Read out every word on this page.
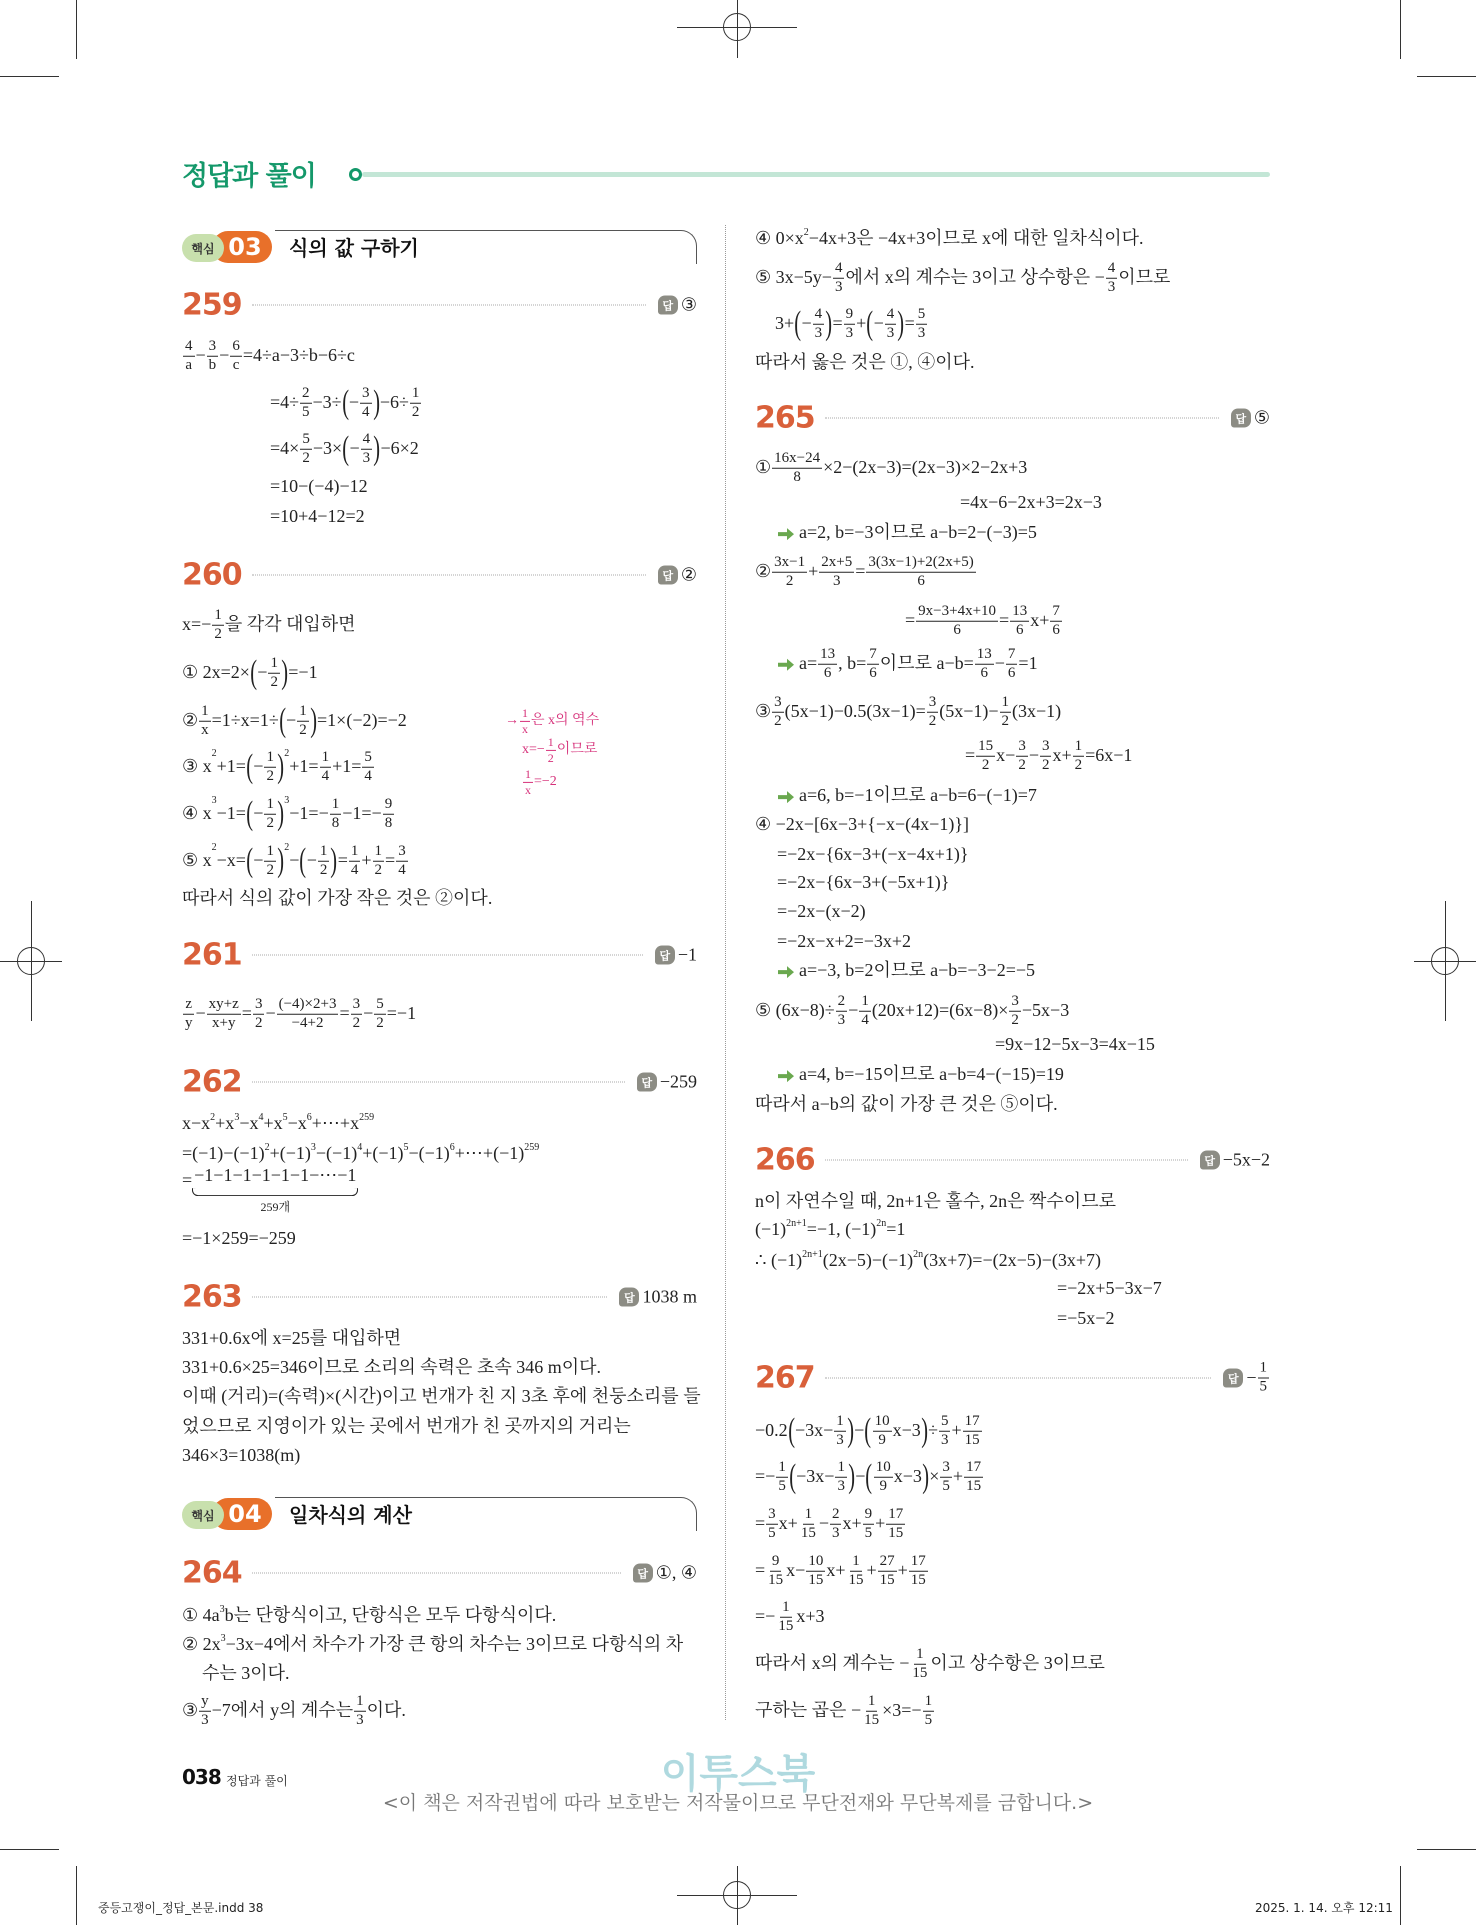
정답과 풀이
03
핵심	식의 값 구하기
04
핵심	일차식의 계산
259	답 ③
$\frac{4}{a} - \frac{3}{b} - \frac{6}{c} =4\div a-3\div b-6\div c$
$=4\div \frac{2}{5} -3\div$ ( − $\frac{3}{4}$ ) $-6\div \frac{1}{2}$
$=4\times \frac{5}{2} -3\times$ ( − $\frac{4}{3}$ ) −6×2
=10−(−4)−12
=10+4−12=2
260	답 ②
$x=- \frac{1}{2}$ 을 각각 대입하면
① 2x=2× ( − $\frac{1}{2}$ ) =−1
② $\frac{1}{x} =1\div x=1\div$ ( − $\frac{1}{2}$ ) =1×(−2)=−2
③ x
2
+1= ( − $\frac{1}{2}$ ) 2
$+1= \frac{1}{4} +1= \frac{5}{4}$
④ x
3
−1= ( − $\frac{1}{2}$ ) 3
$-1=- \frac{1}{8} -1=- \frac{9}{8}$
⑤ x
2
−x= ( − $\frac{1}{2}$ ) 2
− ( − $\frac{1}{2}$ ) = $\frac{1}{4} + \frac{1}{2} = \frac{3}{4}$
따라서 식의 값이 가장 작은 것은 ②이다.
→ $\frac{1}{x}$ 은 x의 역수
$x=- \frac{1}{2}$ 이므로
$\frac{1}{x} =-2$
261	답 −1
$\frac{z}{y} - \frac{xy+z}{x+y} = \frac{3}{2} - \frac{(-4)\times 2+3}{-4+2} = \frac{3}{2} - \frac{5}{2} =-1$
262	답 −259
x−x 2 +x 3 −x 4 +x 5 −x 6 +⋯+x 259
=(−1)−(−1) 2 +(−1) 3 −(−1) 4 +(−1) 5 −(−1) 6 +⋯+(−1) 259
= −1−1−1−1−1−1−⋯−1
259개
=−1×259=−259
263	답 1038 m
331+0.6x에 x=25를 대입하면
331+0.6×25=346이므로 소리의 속력은 초속 346 m이다.
이때 (거리)=(속력)×(시간)이고 번개가 친 지 3초 후에 천둥소리를 들
었으므로 지영이가 있는 곳에서 번개가 친 곳까지의 거리는
346×3=1038(m)
264	답 ①, ④
① 4a 3 b는 단항식이고, 단항식은 모두 다항식이다.
② 2x 3 −3x−4에서 차수가 가장 큰 항의 차수는 3이므로 다항식의 차
수는 3이다.
③ $\frac{y}{3} -7$에서 y의 계수는 $\frac{1}{3}$ 이다.
④ 0×x 2 −4x+3은 −4x+3이므로 x에 대한 일차식이다.
⑤ $3x-5y- \frac{4}{3}$ 에서 x의 계수는 3이고 상수항은 − $\frac{4}{3}$ 이므로
3+ ( − $\frac{4}{3}$ ) = $\frac{9}{3}$ + ( − $\frac{4}{3}$ ) = $\frac{5}{3}$
따라서 옳은 것은 ①, ④이다.
265	답 ⑤
① $\frac{16x-24}{8} \times 2-(2x-3)=(2x-3)\times 2-2x+3$
=4x−6−2x+3=2x−3
a=2, b=−3이므로 a−b=2−(−3)=5
② $\frac{3x-1}{2} + \frac{2x+5}{3} = \frac{3(3x-1)+2(2x+5)}{6}$
= $\frac{9x-3+4x+10}{6} = \frac{13}{6} x+ \frac{7}{6}$
$a= \frac{13}{6}$ , $b= \frac{7}{6}$ 이므로 $a-b= \frac{13}{6} - \frac{7}{6} =1$
③ $\frac{3}{2} (5x-1)-0.5(3x-1)= \frac{3}{2} (5x-1)- \frac{1}{2} (3x-1)$
= $\frac{15}{2} x- \frac{3}{2} - \frac{3}{2} x+ \frac{1}{2} =6x-1$
a=6, b=−1이므로 a−b=6−(−1)=7
④ −2x−[6x−3+{−x−(4x−1)}]
=−2x−{6x−3+(−x−4x+1)}
=−2x−{6x−3+(−5x+1)}
=−2x−(x−2)
=−2x−x+2=−3x+2
a=−3, b=2이므로 a−b=−3−2=−5
⑤ $(6x-8)\div \frac{2}{3} - \frac{1}{4} (20x+12)=(6x-8)\times \frac{3}{2} -5x-3$
=9x−12−5x−3=4x−15
a=4, b=−15이므로 a−b=4−(−15)=19
따라서 a−b의 값이 가장 큰 것은 ⑤이다.
266	답 −5x−2
n이 자연수일 때, 2n+1은 홀수, 2n은 짝수이므로
(−1) 2n+1 =−1, (−1) 2n =1
∴ (−1) 2n+1 (2x−5)−(−1) 2n (3x+7)=−(2x−5)−(3x+7)
=−2x+5−3x−7
=−5x−2
267	답 − $\frac{1}{5}$
−0.2 ( $-3x- \frac{1}{3}$ ) − ( $\frac{10}{9} x-3$ ) ÷ $\frac{5}{3} + \frac{17}{15}$
=− $\frac{1}{5}$ ( $-3x- \frac{1}{3}$ ) − ( $\frac{10}{9} x-3$ ) × $\frac{3}{5} + \frac{17}{15}$
= $\frac{3}{5} x+ \frac{1}{15} - \frac{2}{3} x+ \frac{9}{5} + \frac{17}{15}$
= $\frac{9}{15} x- \frac{10}{15} x+ \frac{1}{15} + \frac{27}{15} + \frac{17}{15}$
=− $\frac{1}{15} x+3$
따라서 x의 계수는 − $\frac{1}{15}$ 이고 상수항은 3이므로
구하는 곱은 − $\frac{1}{15} \times 3=- \frac{1}{5}$
038 정답과 풀이	이투스북
<이 책은 저작권법에 따라 보호받는 저작물이므로 무단전재와 무단복제를 금합니다.>
중등고쟁이_정답_본문.indd 38	2025. 1. 14. 오후 12:11
